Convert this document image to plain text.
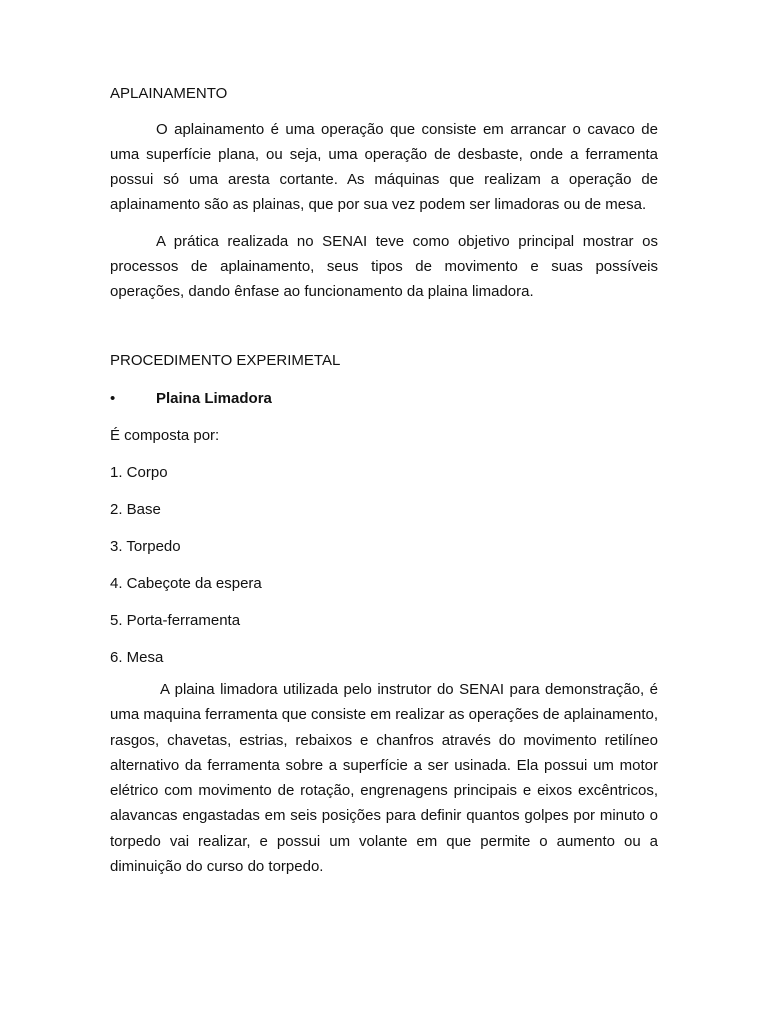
APLAINAMENTO

O aplainamento é uma operação que consiste em arrancar o cavaco de uma superfície plana, ou seja, uma operação de desbaste, onde a ferramenta possui só uma aresta cortante. As máquinas que realizam a operação de aplainamento são as plainas, que por sua vez podem ser limadoras ou de mesa.

A prática realizada no SENAI teve como objetivo principal mostrar os processos de aplainamento, seus tipos de movimento e suas possíveis operações, dando ênfase ao funcionamento da plaina limadora.

PROCEDIMENTO EXPERIMETAL
•	Plaina Limadora

É composta por:

1. Corpo
2. Base
3. Torpedo
4. Cabeçote da espera
5. Porta-ferramenta
6. Mesa

A plaina limadora utilizada pelo instrutor do SENAI para demonstração, é uma maquina ferramenta que consiste em realizar as operações de aplainamento, rasgos, chavetas, estrias, rebaixos e chanfros através do movimento retilíneo alternativo da ferramenta sobre a superfície a ser usinada. Ela possui um motor elétrico com movimento de rotação, engrenagens principais e eixos excêntricos, alavancas engastadas em seis posições para definir quantos golpes por minuto o torpedo vai realizar, e possui um volante em que permite o aumento ou a diminuição do curso do torpedo.
